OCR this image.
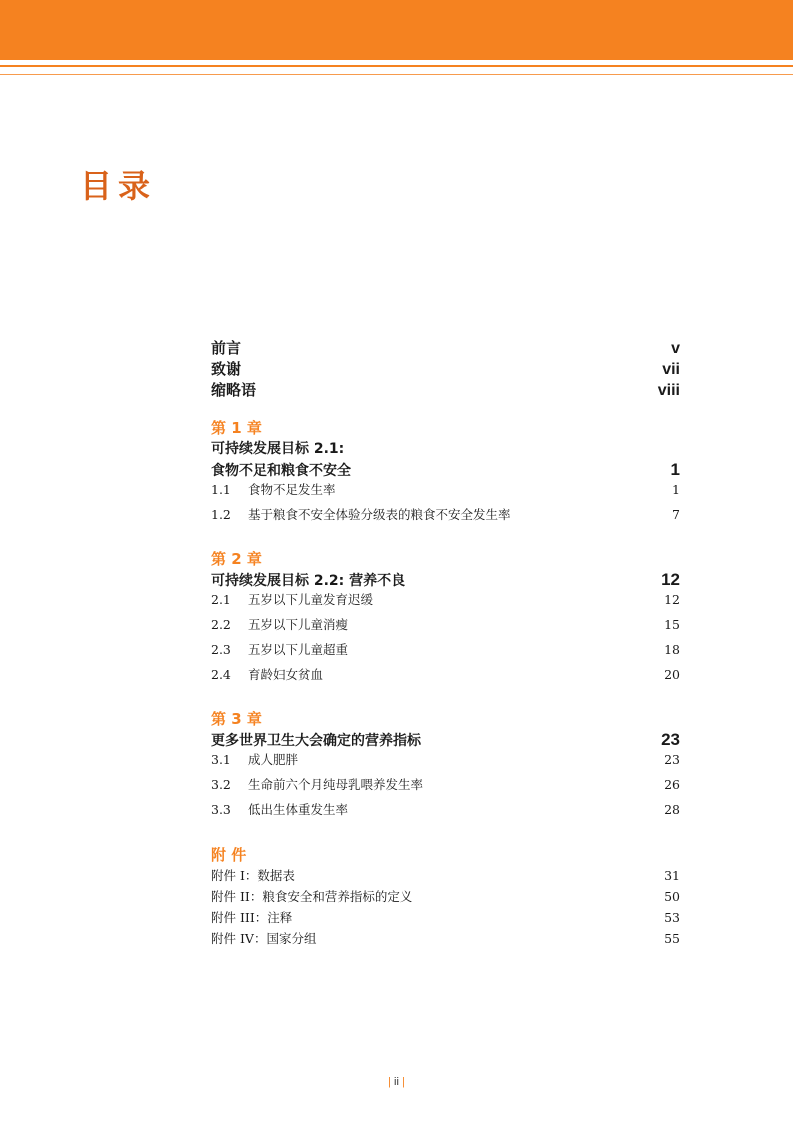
目录
前言	v
致谢	vii
缩略语	viii
第 1 章
可持续发展目标 2.1:
食物不足和粮食不安全	1
1.1 食物不足发生率	1
1.2 基于粮食不安全体验分级表的粮食不安全发生率	7
第 2 章
可持续发展目标 2.2: 营养不良	12
2.1 五岁以下儿童发育迟缓	12
2.2 五岁以下儿童消瘦	15
2.3 五岁以下儿童超重	18
2.4 育龄妇女贫血	20
第 3 章
更多世界卫生大会确定的营养指标	23
3.1 成人肥胖	23
3.2 生命前六个月纯母乳喂养发生率	26
3.3 低出生体重发生率	28
附 件
附件 I：数据表	31
附件 II：粮食安全和营养指标的定义	50
附件 III：注释	53
附件 IV：国家分组	55
| ii |
